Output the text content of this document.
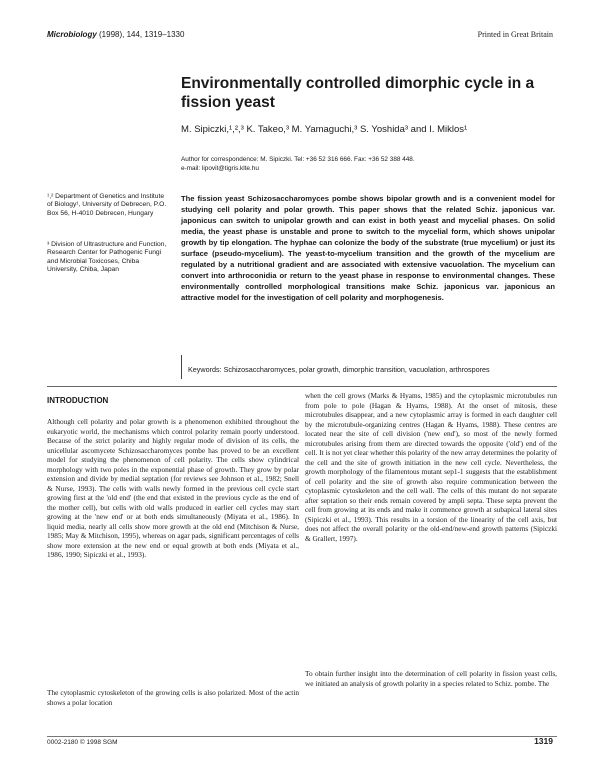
Microbiology (1998), 144, 1319–1330	Printed in Great Britain
Environmentally controlled dimorphic cycle in a fission yeast
M. Sipiczki,¹,²,³ K. Takeo,³ M. Yamaguchi,³ S. Yoshida³ and I. Miklos¹
Author for correspondence: M. Sipiczki. Tel: +36 52 316 666. Fax: +36 52 388 448.
e-mail: lipovit@tigris.klte.hu
¹,² Department of Genetics and Institute of Biology¹, University of Debrecen, P.O. Box 56, H-4010 Debrecen, Hungary
³ Division of Ultrastructure and Function, Research Center for Pathogenic Fungi and Microbial Toxicoses, Chiba University, Chiba, Japan
The fission yeast Schizosaccharomyces pombe shows bipolar growth and is a convenient model for studying cell polarity and polar growth. This paper shows that the related Schiz. japonicus var. japonicus can switch to unipolar growth and can exist in both yeast and mycelial phases. On solid media, the yeast phase is unstable and prone to switch to the mycelial form, which shows unipolar growth by tip elongation. The hyphae can colonize the body of the substrate (true mycelium) or just its surface (pseudo-mycelium). The yeast-to-mycelium transition and the growth of the mycelium are regulated by a nutritional gradient and are associated with extensive vacuolation. The mycelium can convert into arthroconidia or return to the yeast phase in response to environmental changes. These environmentally controlled morphological transitions make Schiz. japonicus var. japonicus an attractive model for the investigation of cell polarity and morphogenesis.
Keywords: Schizosaccharomyces, polar growth, dimorphic transition, vacuolation, arthrospores
INTRODUCTION

Although cell polarity and polar growth is a phenomenon exhibited throughout the eukaryotic world, the mechanisms which control polarity remain poorly understood. Because of the strict polarity and highly regular mode of division of its cells, the unicellular ascomycete Schizosaccharomyces pombe has proved to be an excellent model for studying the phenomenon of cell polarity. The cells show cylindrical morphology with two poles in the exponential phase of growth. They grow by polar extension and divide by medial septation (for reviews see Johnson et al., 1982; Snell & Nurse, 1993). The cells with walls newly formed in the previous cell cycle start growing first at the 'old end' (the end that existed in the previous cycle as the end of the mother cell), but cells with old walls produced in earlier cell cycles may start growing at the 'new end' or at both ends simultaneously (Miyata et al., 1986). In liquid media, nearly all cells show more growth at the old end (Mitchison & Nurse, 1985; May & Mitchison, 1995), whereas on agar pads, significant percentages of cells show more extension at the new end or equal growth at both ends (Miyata et al., 1986, 1990; Sipiczki et al., 1993).

The cytoplasmic cytoskeleton of the growing cells is also polarized. Most of the actin shows a polar location

when the cell grows (Marks & Hyams, 1985) and the cytoplasmic microtubules run from pole to pole (Hagan & Hyams, 1988). At the onset of mitosis, these microtubules disappear, and a new cytoplasmic array is formed in each daughter cell by the microtubule-organizing centres (Hagan & Hyams, 1988). These centres are located near the site of cell division ('new end'), so most of the newly formed microtubules arising from them are directed towards the opposite ('old') end of the cell. It is not yet clear whether this polarity of the new array determines the polarity of the cell and the site of growth initiation in the new cell cycle. Nevertheless, the growth morphology of the filamentous mutant sep1-1 suggests that the establishment of cell polarity and the site of growth also require communication between the cytoplasmic cytoskeleton and the cell wall. The cells of this mutant do not separate after septation so their ends remain covered by ampli septa. These septa prevent the cell from growing at its ends and make it commence growth at subapical lateral sites (Sipiczki et al., 1993). This results in a torsion of the linearity of the cell axis, but does not affect the overall polarity or the old-end/new-end growth patterns (Sipiczki & Grallert, 1997).

To obtain further insight into the determination of cell polarity in fission yeast cells, we initiated an analysis of growth polarity in a species related to Schiz. pombe. The

0002-2180 © 1998 SGM	1319
